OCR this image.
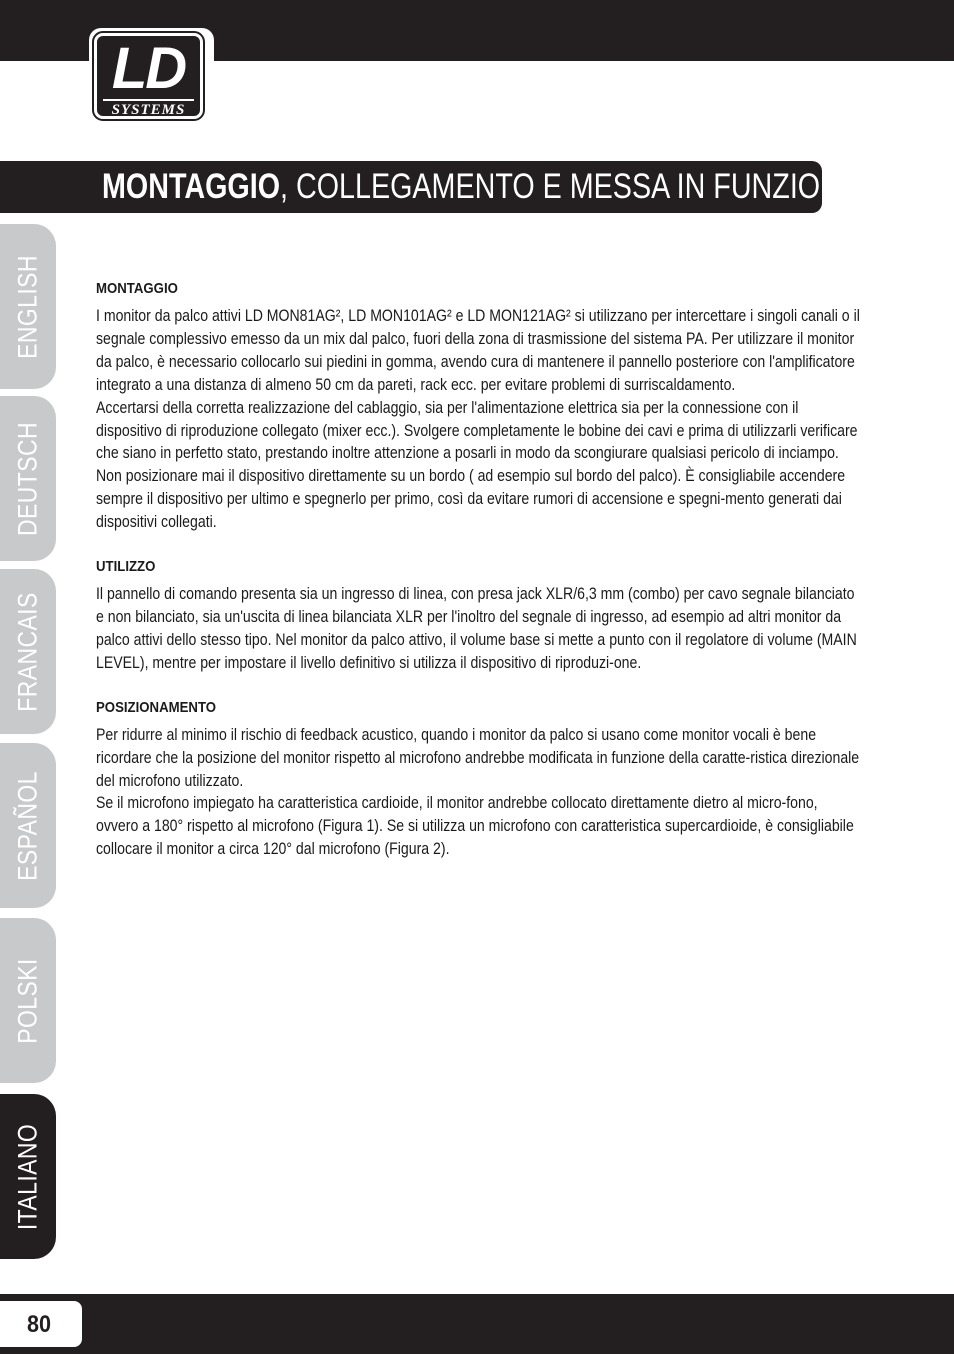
LD
SYSTEMS
MONTAGGIO, COLLEGAMENTO E MESSA IN FUNZIONE
ENGLISH
DEUTSCH
FRANCAIS
ESPAÑOL
POLSKI
ITALIANO
MONTAGGIO

I monitor da palco attivi LD MON81AG², LD MON101AG² e LD MON121AG² si utilizzano per intercettare i singoli canali o il segnale complessivo emesso da un mix dal palco, fuori della zona di trasmissione del sistema PA. Per utilizzare il monitor da palco, è necessario collocarlo sui piedini in gomma, avendo cura di mantenere il pannello posteriore con l'amplificatore integrato a una distanza di almeno 50 cm da pareti, rack ecc. per evitare problemi di surriscaldamento.

Accertarsi della corretta realizzazione del cablaggio, sia per l'alimentazione elettrica sia per la connessione con il dispositivo di riproduzione collegato (mixer ecc.). Svolgere completamente le bobine dei cavi e prima di utilizzarli verificare che siano in perfetto stato, prestando inoltre attenzione a posarli in modo da scongiurare qualsiasi pericolo di inciampo.

Non posizionare mai il dispositivo direttamente su un bordo ( ad esempio sul bordo del palco). È consigliabile accendere sempre il dispositivo per ultimo e spegnerlo per primo, così da evitare rumori di accensione e spegni-mento generati dai dispositivi collegati.

UTILIZZO

Il pannello di comando presenta sia un ingresso di linea, con presa jack XLR/6,3 mm (combo) per cavo segnale bilanciato e non bilanciato, sia un'uscita di linea bilanciata XLR per l'inoltro del segnale di ingresso, ad esempio ad altri monitor da palco attivi dello stesso tipo. Nel monitor da palco attivo, il volume base si mette a punto con il regolatore di volume (MAIN LEVEL), mentre per impostare il livello definitivo si utilizza il dispositivo di riproduzi-one.

POSIZIONAMENTO

Per ridurre al minimo il rischio di feedback acustico, quando i monitor da palco si usano come monitor vocali è bene ricordare che la posizione del monitor rispetto al microfono andrebbe modificata in funzione della caratte-ristica direzionale del microfono utilizzato.

Se il microfono impiegato ha caratteristica cardioide, il monitor andrebbe collocato direttamente dietro al micro-fono, ovvero a 180° rispetto al microfono (Figura 1). Se si utilizza un microfono con caratteristica supercardioide, è consigliabile collocare il monitor a circa 120° dal microfono (Figura 2).

80
